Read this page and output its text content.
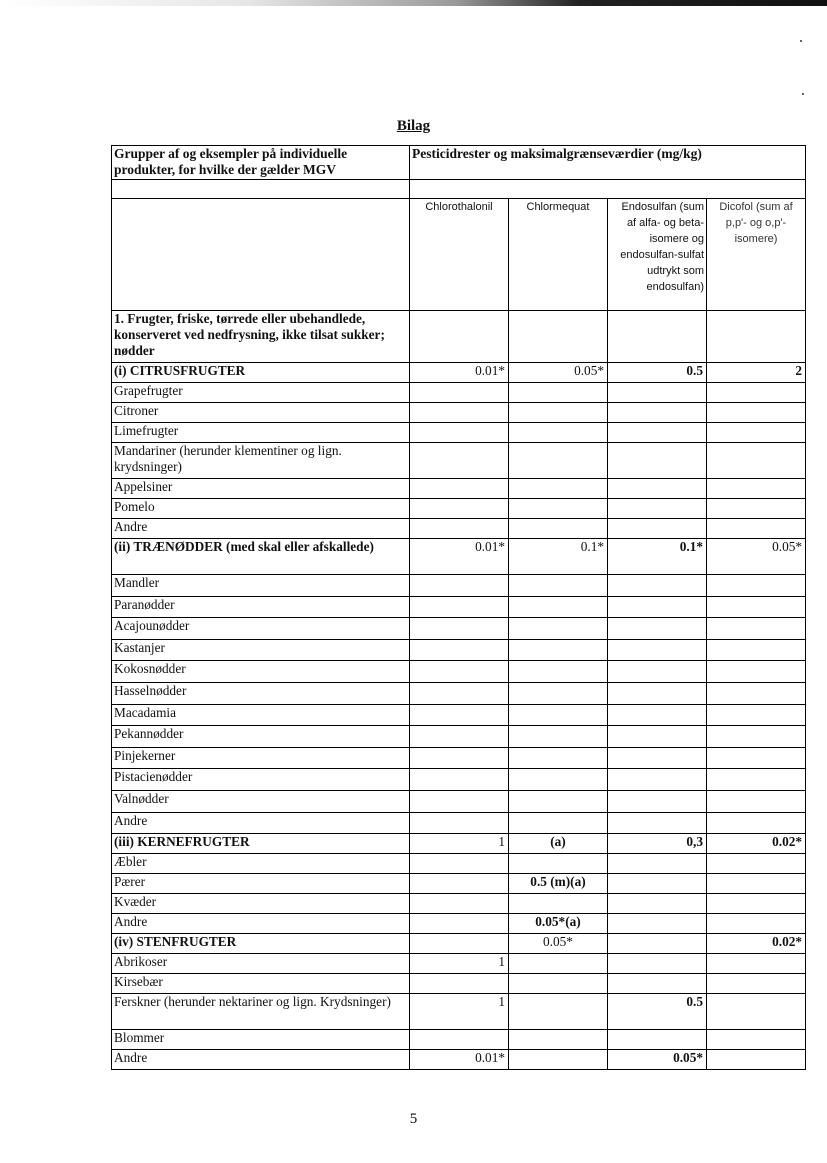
Bilag
Grupper af og eksempler på individuelle produkter, for hvilke der gælder MGV	Pesticidrester og maksimalgrænseværdier (mg/kg)			

	Chlorothalonil	Chlormequat	Endosulfan (sum af alfa- og beta- isomere og endosulfan-sulfat udtrykt som endosulfan)	Dicofol (sum af p,p'- og o,p'-isomere)
1. Frugter, friske, tørrede eller ubehandlede, konserveret ved nedfrysning, ikke tilsat sukker; nødder				
(i) CITRUSFRUGTER	0.01*	0.05*	0.5	2
Grapefrugter				
Citroner				
Limefrugter				
Mandariner (herunder klementiner og lign. krydsninger)				
Appelsiner				
Pomelo				
Andre				
(ii) TRÆNØDDER (med skal eller afskallede)	0.01*	0.1*	0.1*	0.05*
Mandler				
Paranødder				
Acajounødder				
Kastanjer				
Kokosnødder				
Hasselnødder				
Macadamia				
Pekannødder				
Pinjekerner				
Pistacienødder				
Valnødder				
Andre				
(iii) KERNEFRUGTER	1	(a)	0,3	0.02*
Æbler				
Pærer		0.5 (m)(a)		
Kvæder				
Andre		0.05*(a)		
(iv) STENFRUGTER		0.05*		0.02*
Abrikoser	1			
Kirsebær				
Ferskner (herunder nektariner og lign. Krydsninger)	1		0.5	
Blommer				
Andre	0.01*		0.05*	
5
